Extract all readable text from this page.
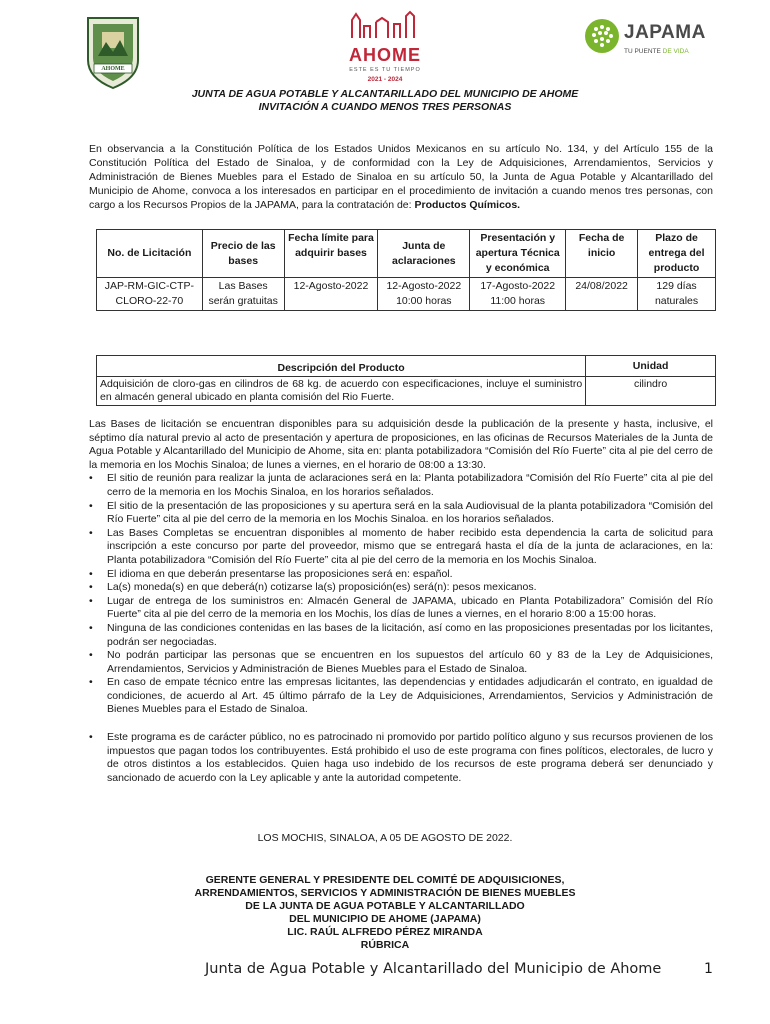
AHOME
AHOME
ESTE ES TU TIEMPO
2021 - 2024
JAPAMA
TU PUENTE DE VIDA
JUNTA DE AGUA POTABLE Y ALCANTARILLADO DEL MUNICIPIO DE AHOME
INVITACIÓN A CUANDO MENOS TRES PERSONAS
En observancia a la Constitución Política de los Estados Unidos Mexicanos en su artículo No. 134, y del Artículo 155 de la Constitución Política del Estado de Sinaloa, y de conformidad con la Ley de Adquisiciones, Arrendamientos, Servicios y Administración de Bienes Muebles para el Estado de Sinaloa en su artículo 50, la Junta de Agua Potable y Alcantarillado del Municipio de Ahome, convoca a los interesados en participar en el procedimiento de invitación a cuando menos tres personas, con cargo a los Recursos Propios de la JAPAMA, para la contratación de: Productos Químicos.
No. de Licitación	Precio de las bases	Fecha límite para adquirir bases	Junta de aclaraciones	Presentación y apertura Técnica y económica	Fecha de inicio	Plazo de entrega del producto
JAP-RM-GIC-CTP-CLORO-22-70	Las Bases serán gratuitas	12-Agosto-2022	12-Agosto-2022 10:00 horas	17-Agosto-2022 11:00 horas	24/08/2022	129 días naturales
Descripción del Producto	Unidad
Adquisición de cloro-gas en cilindros de 68 kg. de acuerdo con especificaciones, incluye el suministro en almacén general ubicado en planta comisión del Rio Fuerte.	cilindro

Las Bases de licitación se encuentran disponibles para su adquisición desde la publicación de la presente y hasta, inclusive, el séptimo día natural previo al acto de presentación y apertura de proposiciones, en las oficinas de Recursos Materiales de la Junta de Agua Potable y Alcantarillado del Municipio de Ahome, sita en: planta potabilizadora “Comisión del Río Fuerte” cita al pie del cerro de la memoria en los Mochis Sinaloa; de lunes a viernes, en el horario de 08:00 a 13:30.

• El sitio de reunión para realizar la junta de aclaraciones será en la: Planta potabilizadora “Comisión del Río Fuerte” cita al pie del cerro de la memoria en los Mochis Sinaloa, en los horarios señalados.
• El sitio de la presentación de las proposiciones y su apertura será en la sala Audiovisual de la planta potabilizadora “Comisión del Río Fuerte” cita al pie del cerro de la memoria en los Mochis Sinaloa. en los horarios señalados.
• Las Bases Completas se encuentran disponibles al momento de haber recibido esta dependencia la carta de solicitud para inscripción a este concurso por parte del proveedor, mismo que se entregará hasta el día de la junta de aclaraciones, en la: Planta potabilizadora “Comisión del Río Fuerte” cita al pie del cerro de la memoria en los Mochis Sinaloa.
• El idioma en que deberán presentarse las proposiciones será en: español.
• La(s) moneda(s) en que deberá(n) cotizarse la(s) proposición(es) será(n): pesos mexicanos.
• Lugar de entrega de los suministros en: Almacén General de JAPAMA, ubicado en Planta Potabilizadora” Comisión del Río Fuerte” cita al pie del cerro de la memoria en los Mochis, los días de lunes a viernes, en el horario 8:00 a 15:00 horas.
• Ninguna de las condiciones contenidas en las bases de la licitación, así como en las proposiciones presentadas por los licitantes, podrán ser negociadas.
• No podrán participar las personas que se encuentren en los supuestos del artículo 60 y 83 de la Ley de Adquisiciones, Arrendamientos, Servicios y Administración de Bienes Muebles para el Estado de Sinaloa.
• En caso de empate técnico entre las empresas licitantes, las dependencias y entidades adjudicarán el contrato, en igualdad de condiciones, de acuerdo al Art. 45 último párrafo de la Ley de Adquisiciones, Arrendamientos, Servicios y Administración de Bienes Muebles para el Estado de Sinaloa.
• Este programa es de carácter público, no es patrocinado ni promovido por partido político alguno y sus recursos provienen de los impuestos que pagan todos los contribuyentes. Está prohibido el uso de este programa con fines políticos, electorales, de lucro y de otros distintos a los establecidos. Quien haga uso indebido de los recursos de este programa deberá ser denunciado y sancionado de acuerdo con la Ley aplicable y ante la autoridad competente.
LOS MOCHIS, SINALOA, A 05 DE AGOSTO DE 2022.
GERENTE GENERAL Y PRESIDENTE DEL COMITÉ DE ADQUISICIONES,
ARRENDAMIENTOS, SERVICIOS Y ADMINISTRACIÓN DE BIENES MUEBLES
DE LA JUNTA DE AGUA POTABLE Y ALCANTARILLADO
DEL MUNICIPIO DE AHOME (JAPAMA)
LIC. RAÚL ALFREDO PÉREZ MIRANDA
RÚBRICA
Junta de Agua Potable y Alcantarillado del Municipio de Ahome	1
